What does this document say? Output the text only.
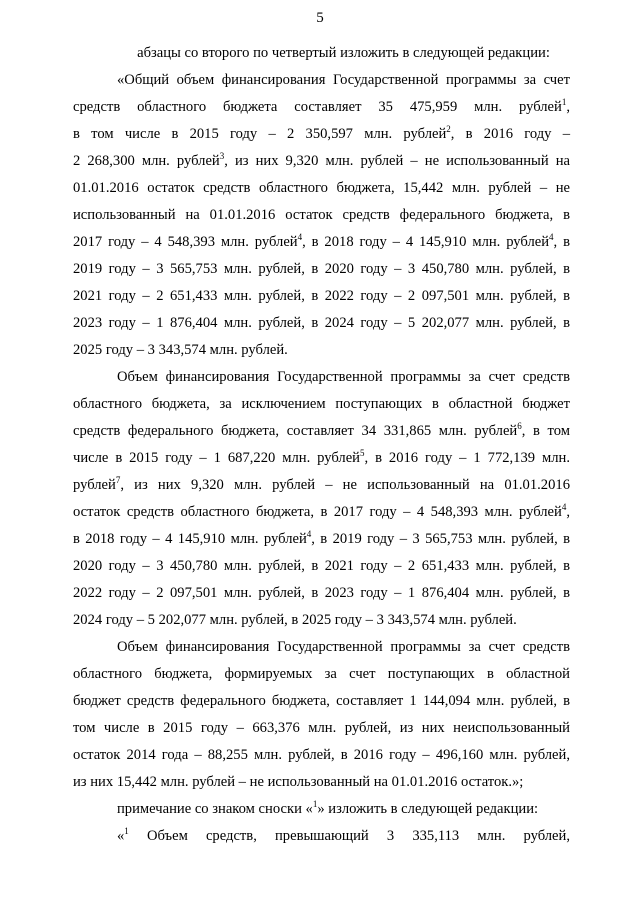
5
абзацы со второго по четвертый изложить в следующей редакции:
«Общий объем финансирования Государственной программы за счет
средств областного бюджета составляет 35 475,959 млн. рублей$^1$,
в том числе в 2015 году – 2 350,597 млн. рублей$^2$, в 2016 году –
2 268,300 млн. рублей$^3$, из них 9,320 млн. рублей – не использованный на
01.01.2016 остаток средств областного бюджета, 15,442 млн. рублей – не
использованный на 01.01.2016 остаток средств федерального бюджета, в
2017 году – 4 548,393 млн. рублей$^4$, в 2018 году – 4 145,910 млн. рублей$^4$, в
2019 году – 3 565,753 млн. рублей, в 2020 году – 3 450,780 млн. рублей, в
2021 году – 2 651,433 млн. рублей, в 2022 году – 2 097,501 млн. рублей, в
2023 году – 1 876,404 млн. рублей, в 2024 году – 5 202,077 млн. рублей, в
2025 году – 3 343,574 млн. рублей.
Объем финансирования Государственной программы за счет средств
областного бюджета, за исключением поступающих в областной бюджет
средств федерального бюджета, составляет 34 331,865 млн. рублей$^6$, в том
числе в 2015 году – 1 687,220 млн. рублей$^5$, в 2016 году – 1 772,139 млн.
рублей$^7$, из них 9,320 млн. рублей – не использованный на 01.01.2016
остаток средств областного бюджета, в 2017 году – 4 548,393 млн. рублей$^4$,
в 2018 году – 4 145,910 млн. рублей$^4$, в 2019 году – 3 565,753 млн. рублей, в
2020 году – 3 450,780 млн. рублей, в 2021 году – 2 651,433 млн. рублей, в
2022 году – 2 097,501 млн. рублей, в 2023 году – 1 876,404 млн. рублей, в
2024 году – 5 202,077 млн. рублей, в 2025 году – 3 343,574 млн. рублей.
Объем финансирования Государственной программы за счет средств
областного бюджета, формируемых за счет поступающих в областной
бюджет средств федерального бюджета, составляет 1 144,094 млн. рублей, в
том числе в 2015 году – 663,376 млн. рублей, из них неиспользованный
остаток 2014 года – 88,255 млн. рублей, в 2016 году – 496,160 млн. рублей,
из них 15,442 млн. рублей – не использованный на 01.01.2016 остаток.»;
примечание со знаком сноски «$^1$» изложить в следующей редакции:
«$^1$ Объем средств, превышающий 3 335,113 млн. рублей,
